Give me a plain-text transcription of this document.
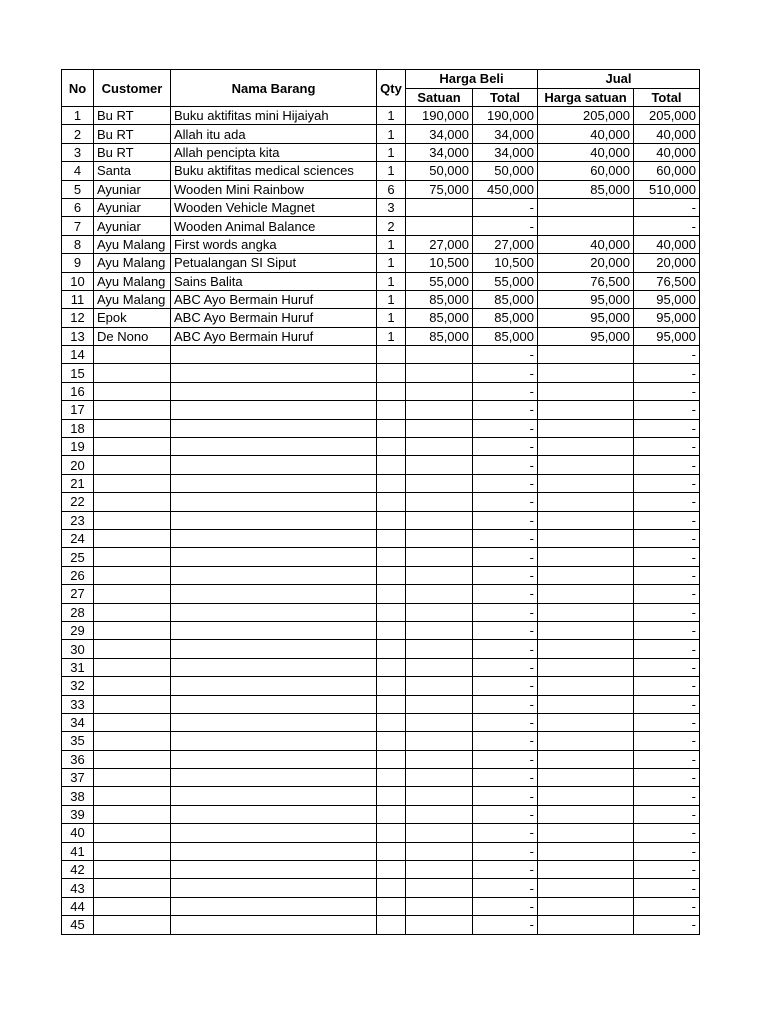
No	Customer	Nama Barang	Qty	Harga Beli		Jual	
				Satuan	Total	Harga satuan	Total
1	Bu RT	Buku aktifitas mini Hijaiyah	1	190,000	190,000	205,000	205,000
2	Bu RT	Allah itu ada	1	34,000	34,000	40,000	40,000
3	Bu RT	Allah pencipta kita	1	34,000	34,000	40,000	40,000
4	Santa	Buku aktifitas medical sciences	1	50,000	50,000	60,000	60,000
5	Ayuniar	Wooden Mini Rainbow	6	75,000	450,000	85,000	510,000
6	Ayuniar	Wooden Vehicle Magnet	3		-		-
7	Ayuniar	Wooden Animal Balance	2		-		-
8	Ayu Malang	First words angka	1	27,000	27,000	40,000	40,000
9	Ayu Malang	Petualangan SI Siput	1	10,500	10,500	20,000	20,000
10	Ayu Malang	Sains Balita	1	55,000	55,000	76,500	76,500
11	Ayu Malang	ABC Ayo Bermain Huruf	1	85,000	85,000	95,000	95,000
12	Epok	ABC Ayo Bermain Huruf	1	85,000	85,000	95,000	95,000
13	De Nono	ABC Ayo Bermain Huruf	1	85,000	85,000	95,000	95,000
14					-		-
15					-		-
16					-		-
17					-		-
18					-		-
19					-		-
20					-		-
21					-		-
22					-		-
23					-		-
24					-		-
25					-		-
26					-		-
27					-		-
28					-		-
29					-		-
30					-		-
31					-		-
32					-		-
33					-		-
34					-		-
35					-		-
36					-		-
37					-		-
38					-		-
39					-		-
40					-		-
41					-		-
42					-		-
43					-		-
44					-		-
45					-		-
